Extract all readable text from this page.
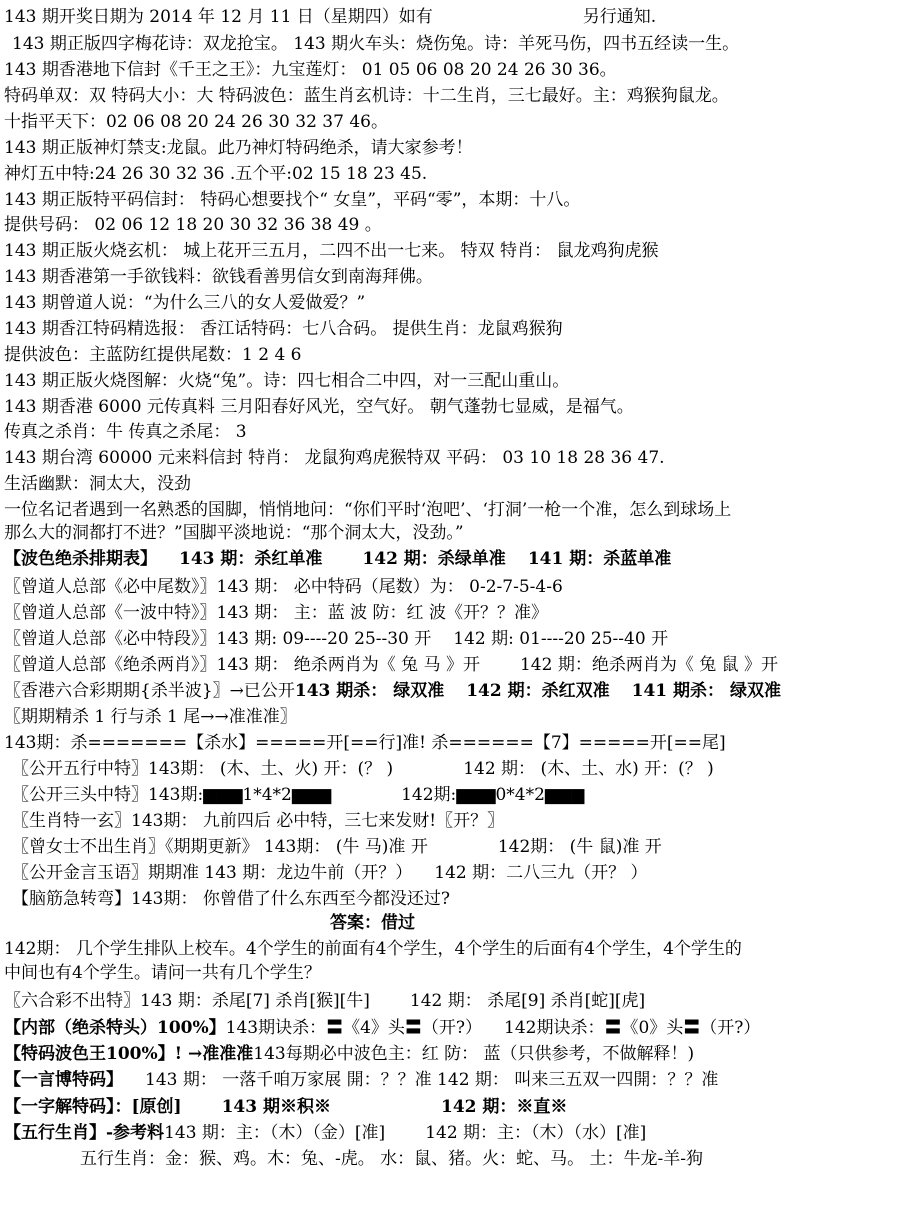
143 期开奖日期为 2014 年 12 月 11 日（星期四）如有	另行通知.
143 期正版四字梅花诗：双龙抢宝。 143 期火车头：烧伤兔。诗：羊死马伤，四书五经读一生。
143 期香港地下信封《千王之王》：九宝莲灯： 01 05 06 08 20 24 26 30 36。
特码单双：双 特码大小：大 特码波色：蓝生肖玄机诗：十二生肖，三七最好。主：鸡猴狗鼠龙。
十指平天下：02 06 08 20 24 26 30 32 37 46。
143 期正版神灯禁支:龙鼠。此乃神灯特码绝杀，请大家参考！
神灯五中特:24 26 30 32 36 .五个平:02 15 18 23 45.
143 期正版特平码信封： 特码心想要找个“ 女皇”，平码“零”，本期：十八。
提供号码： 02 06 12 18 20 30 32 36 38 49 。
143 期正版火烧玄机： 城上花开三五月，二四不出一七来。 特双 特肖： 鼠龙鸡狗虎猴
143 期香港第一手欲钱料：欲钱看善男信女到南海拜佛。
143 期曾道人说：“为什么三八的女人爱做爱？”
143 期香江特码精选报： 香江话特码：七八合码。 提供生肖：龙鼠鸡猴狗
提供波色：主蓝防红提供尾数：1 2 4 6
143 期正版火烧图解：火烧“兔”。诗：四七相合二中四，对一三配山重山。
143 期香港 6000 元传真料 三月阳春好风光，空气好。 朝气蓬勃七显威，是福气。
传真之杀肖：牛 传真之杀尾： 3
143 期台湾 60000 元来料信封 特肖： 龙鼠狗鸡虎猴特双 平码： 03 10 18 28 36 47.
生活幽默：洞太大，没劲
一位名记者遇到一名熟悉的国脚，悄悄地问：“你们平时‘泡吧’、‘打洞’一枪一个准，怎么到球场上
那么大的洞都打不进？”国脚平淡地说：“那个洞太大，没劲。”
【波色绝杀排期表】 143 期：杀红单准 142 期：杀绿单准 141 期：杀蓝单准
〖曾道人总部《必中尾数》〗143 期： 必中特码（尾数）为： 0-2-7-5-4-6
〖曾道人总部《一波中特》〗143 期： 主：蓝 波 防：红 波《开？？准》
〖曾道人总部《必中特段》〗143 期: 09----20 25--30 开 142 期: 01----20 25--40 开
〖曾道人总部《绝杀两肖》〗143 期： 绝杀两肖为《 兔 马 》开 142 期：绝杀两肖为《 兔 鼠 》开
〖香港六合彩期期{杀半波}〗→已公开143 期杀： 绿双准 142 期：杀红双准 141 期杀： 绿双准
〖期期精杀 1 行与杀 1 尾→→准准准〗
143期：杀=======【杀水】=====开[==行]准! 杀======【7】=====开[==尾]
〖公开五行中特〗143期： (木、土、火) 开：(？ )	142 期： (木、土、水) 开：(？ )
〖公开三头中特〗143期:▆▆▆1*4*2▆▆▆	142期:▆▆▆0*4*2▆▆▆
〖生肖特一玄〗143期： 九前四后 必中特，三七来发财!〖开？〗
〖曾女士不出生肖〗《期期更新》 143期： (牛 马)准 开	142期： (牛 鼠)准 开
〖公开金言玉语〗期期准 143 期：龙边牛前（开？） 142 期：二八三九（开？ ）
【脑筋急转弯】143期： 你曾借了什么东西至今都没还过?
答案：借过
142期： 几个学生排队上校车。4个学生的前面有4个学生，4个学生的后面有4个学生，4个学生的
中间也有4个学生。请问一共有几个学生？
〖六合彩不出特〗143 期：杀尾[7] 杀肖[猴][牛] 142 期： 杀尾[9] 杀肖[蛇][虎]
【内部（绝杀特头）100%】143期诀杀：〓《4》头〓（开?） 142期诀杀：〓《0》头〓（开?）
【特码波色王100%】! →准准准143每期必中波色主：红 防： 蓝（只供参考，不做解释！)
【一言博特码】 143 期： 一落千咱万家展 開：？？准 142 期： 叫来三五双一四開：？？准
【一字解特码】：[原创] 143 期※积※	142 期：※直※
【五行生肖】-参考料143 期：主：（木）（金）[准] 142 期：主：（木）（水）[准]
五行生肖：金：猴、鸡。木：兔、-虎。 水：鼠、猪。火：蛇、马。 土：牛龙-羊-狗
